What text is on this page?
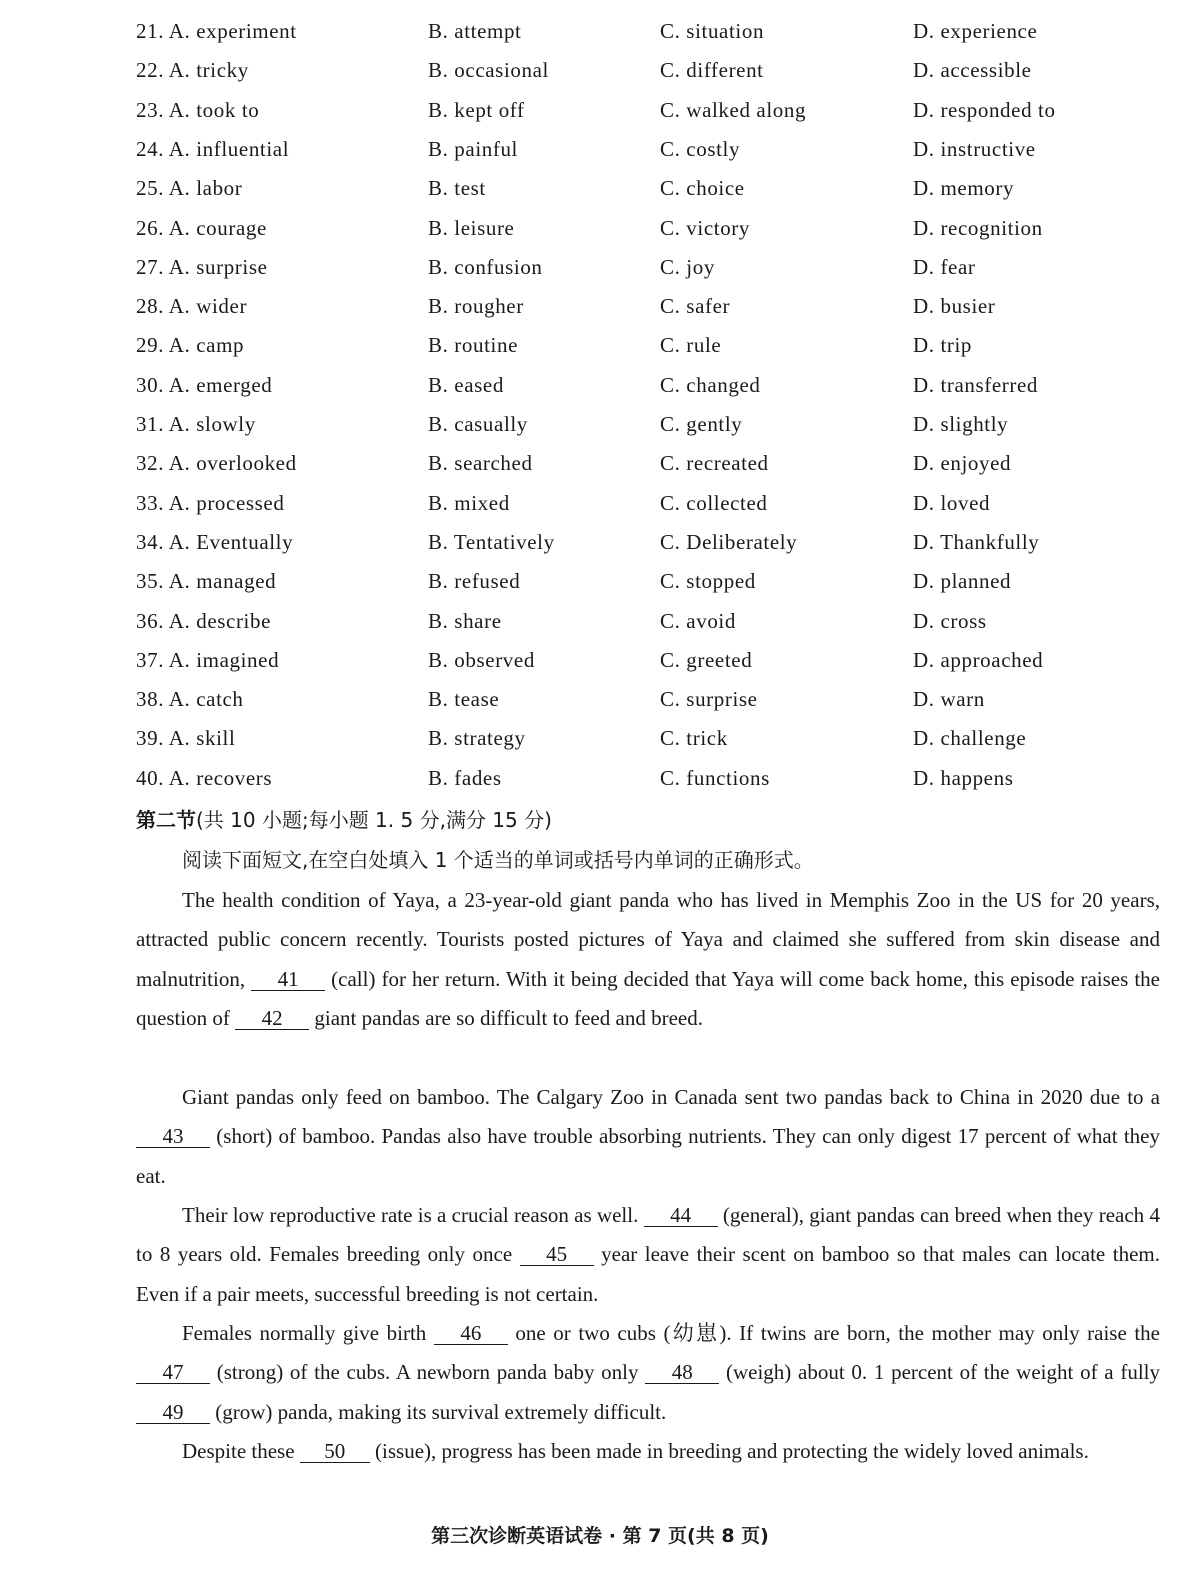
21. A. experiment	B. attempt	C. situation	D. experience
22. A. tricky	B. occasional	C. different	D. accessible
23. A. took to	B. kept off	C. walked along	D. responded to
24. A. influential	B. painful	C. costly	D. instructive
25. A. labor	B. test	C. choice	D. memory
26. A. courage	B. leisure	C. victory	D. recognition
27. A. surprise	B. confusion	C. joy	D. fear
28. A. wider	B. rougher	C. safer	D. busier
29. A. camp	B. routine	C. rule	D. trip
30. A. emerged	B. eased	C. changed	D. transferred
31. A. slowly	B. casually	C. gently	D. slightly
32. A. overlooked	B. searched	C. recreated	D. enjoyed
33. A. processed	B. mixed	C. collected	D. loved
34. A. Eventually	B. Tentatively	C. Deliberately	D. Thankfully
35. A. managed	B. refused	C. stopped	D. planned
36. A. describe	B. share	C. avoid	D. cross
37. A. imagined	B. observed	C. greeted	D. approached
38. A. catch	B. tease	C. surprise	D. warn
39. A. skill	B. strategy	C. trick	D. challenge
40. A. recovers	B. fades	C. functions	D. happens
第二节(共 10 小题;每小题 1. 5 分,满分 15 分)
阅读下面短文,在空白处填入 1 个适当的单词或括号内单词的正确形式。

The health condition of Yaya, a 23-year-old giant panda who has lived in Memphis Zoo in the US for 20 years, attracted public concern recently. Tourists posted pictures of Yaya and claimed she suffered from skin disease and malnutrition, 41 (call) for her return. With it being decided that Yaya will come back home, this episode raises the question of 42 giant pandas are so difficult to feed and breed.

Giant pandas only feed on bamboo. The Calgary Zoo in Canada sent two pandas back to China in 2020 due to a 43 (short) of bamboo. Pandas also have trouble absorbing nutrients. They can only digest 17 percent of what they eat.

Their low reproductive rate is a crucial reason as well. 44 (general), giant pandas can breed when they reach 4 to 8 years old. Females breeding only once 45 year leave their scent on bamboo so that males can locate them. Even if a pair meets, successful breeding is not certain.

Females normally give birth 46 one or two cubs (幼崽). If twins are born, the mother may only raise the 47 (strong) of the cubs. A newborn panda baby only 48 (weigh) about 0. 1 percent of the weight of a fully 49 (grow) panda, making its survival extremely difficult.

Despite these 50 (issue), progress has been made in breeding and protecting the widely loved animals.

第三次诊断英语试卷 · 第 7 页(共 8 页)
